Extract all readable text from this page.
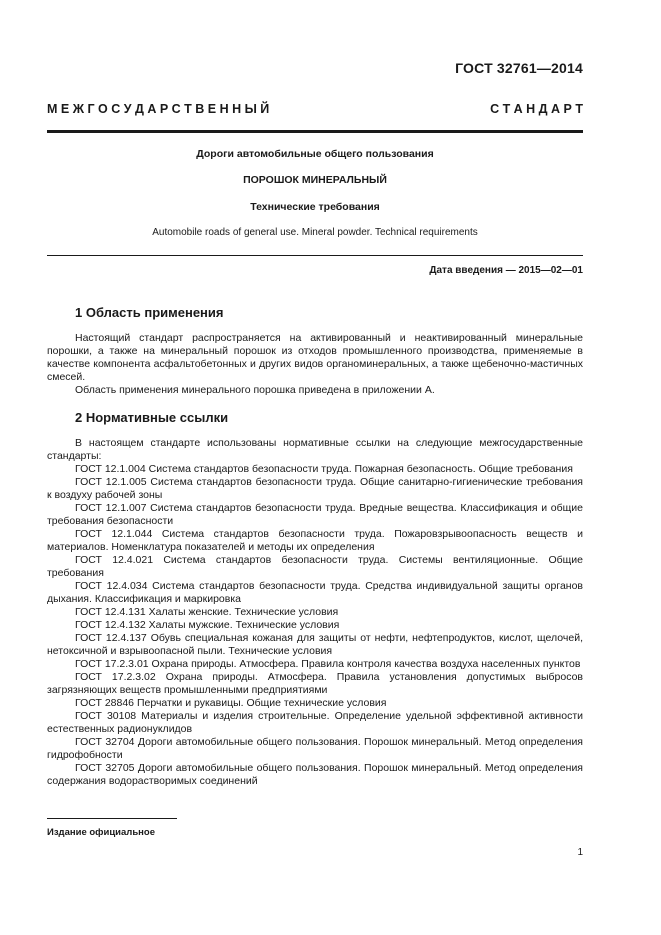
ГОСТ 32761—2014
М Е Ж Г О С У Д А Р С Т В Е Н Н Ы Й	С Т А Н Д А Р Т
Дороги автомобильные общего пользования
ПОРОШОК МИНЕРАЛЬНЫЙ
Технические требования
Automobile roads of general use. Mineral powder. Technical requirements
Дата введения — 2015—02—01
1 Область применения

Настоящий стандарт распространяется на активированный и неактивированный минеральные порошки, а также на минеральный порошок из отходов промышленного производства, применяемые в качестве компонента асфальтобетонных и других видов органоминеральных, а также щебеночно-мастичных смесей.

Область применения минерального порошка приведена в приложении А.

2 Нормативные ссылки

В настоящем стандарте использованы нормативные ссылки на следующие межгосударственные стандарты:

ГОСТ 12.1.004 Система стандартов безопасности труда. Пожарная безопасность. Общие требования

ГОСТ 12.1.005 Система стандартов безопасности труда. Общие санитарно-гигиенические требования к воздуху рабочей зоны

ГОСТ 12.1.007 Система стандартов безопасности труда. Вредные вещества. Классификация и общие требования безопасности

ГОСТ 12.1.044 Система стандартов безопасности труда. Пожаровзрывоопасность веществ и материалов. Номенклатура показателей и методы их определения

ГОСТ 12.4.021 Система стандартов безопасности труда. Системы вентиляционные. Общие требования

ГОСТ 12.4.034 Система стандартов безопасности труда. Средства индивидуальной защиты органов дыхания. Классификация и маркировка

ГОСТ 12.4.131 Халаты женские. Технические условия

ГОСТ 12.4.132 Халаты мужские. Технические условия

ГОСТ 12.4.137 Обувь специальная кожаная для защиты от нефти, нефтепродуктов, кислот, щелочей, нетоксичной и взрывоопасной пыли. Технические условия

ГОСТ 17.2.3.01 Охрана природы. Атмосфера. Правила контроля качества воздуха населенных пунктов

ГОСТ 17.2.3.02 Охрана природы. Атмосфера. Правила установления допустимых выбросов загрязняющих веществ промышленными предприятиями

ГОСТ 28846 Перчатки и рукавицы. Общие технические условия

ГОСТ 30108 Материалы и изделия строительные. Определение удельной эффективной активности естественных радионуклидов

ГОСТ 32704 Дороги автомобильные общего пользования. Порошок минеральный. Метод определения гидрофобности

ГОСТ 32705 Дороги автомобильные общего пользования. Порошок минеральный. Метод определения содержания водорастворимых соединений

Издание официальное
1
